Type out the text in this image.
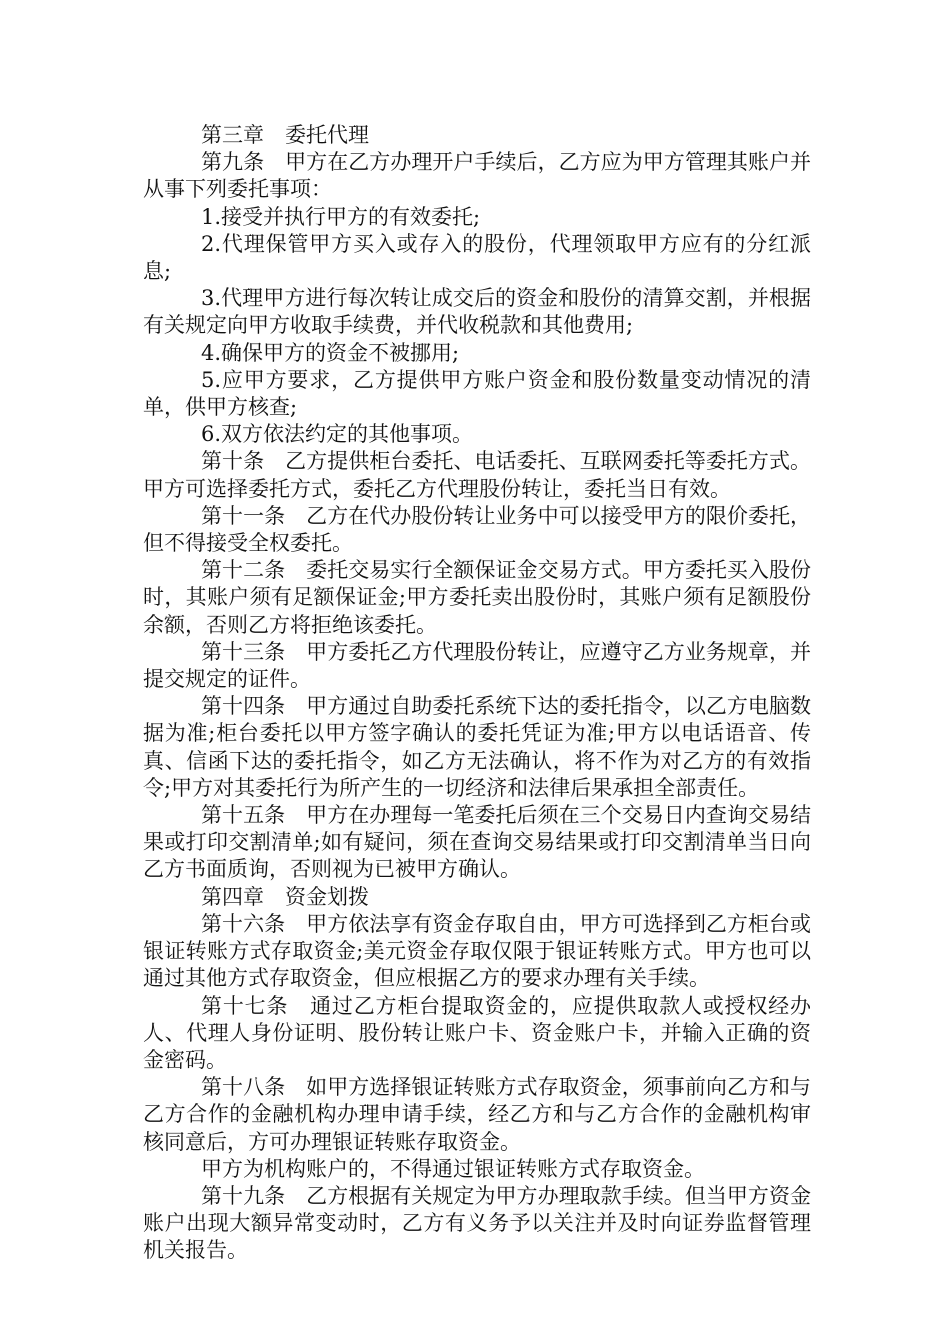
第三章　委托代理

第九条　甲方在乙方办理开户手续后，乙方应为甲方管理其账户并从事下列委托事项：

1.接受并执行甲方的有效委托;

2.代理保管甲方买入或存入的股份，代理领取甲方应有的分红派息;

3.代理甲方进行每次转让成交后的资金和股份的清算交割，并根据有关规定向甲方收取手续费，并代收税款和其他费用;

4.确保甲方的资金不被挪用;

5.应甲方要求，乙方提供甲方账户资金和股份数量变动情况的清单，供甲方核查;

6.双方依法约定的其他事项。

第十条　乙方提供柜台委托、电话委托、互联网委托等委托方式。甲方可选择委托方式，委托乙方代理股份转让，委托当日有效。

第十一条　乙方在代办股份转让业务中可以接受甲方的限价委托，但不得接受全权委托。

第十二条　委托交易实行全额保证金交易方式。甲方委托买入股份时，其账户须有足额保证金;甲方委托卖出股份时，其账户须有足额股份余额，否则乙方将拒绝该委托。

第十三条　甲方委托乙方代理股份转让，应遵守乙方业务规章，并提交规定的证件。

第十四条　甲方通过自助委托系统下达的委托指令，以乙方电脑数据为准;柜台委托以甲方签字确认的委托凭证为准;甲方以电话语音、传真、信函下达的委托指令，如乙方无法确认，将不作为对乙方的有效指令;甲方对其委托行为所产生的一切经济和法律后果承担全部责任。

第十五条　甲方在办理每一笔委托后须在三个交易日内查询交易结果或打印交割清单;如有疑问，须在查询交易结果或打印交割清单当日向乙方书面质询，否则视为已被甲方确认。

第四章　资金划拨

第十六条　甲方依法享有资金存取自由，甲方可选择到乙方柜台或银证转账方式存取资金;美元资金存取仅限于银证转账方式。甲方也可以通过其他方式存取资金，但应根据乙方的要求办理有关手续。

第十七条　通过乙方柜台提取资金的，应提供取款人或授权经办人、代理人身份证明、股份转让账户卡、资金账户卡，并输入正确的资金密码。

第十八条　如甲方选择银证转账方式存取资金，须事前向乙方和与乙方合作的金融机构办理申请手续，经乙方和与乙方合作的金融机构审核同意后，方可办理银证转账存取资金。

甲方为机构账户的，不得通过银证转账方式存取资金。

第十九条　乙方根据有关规定为甲方办理取款手续。但当甲方资金账户出现大额异常变动时，乙方有义务予以关注并及时向证券监督管理机关报告。
